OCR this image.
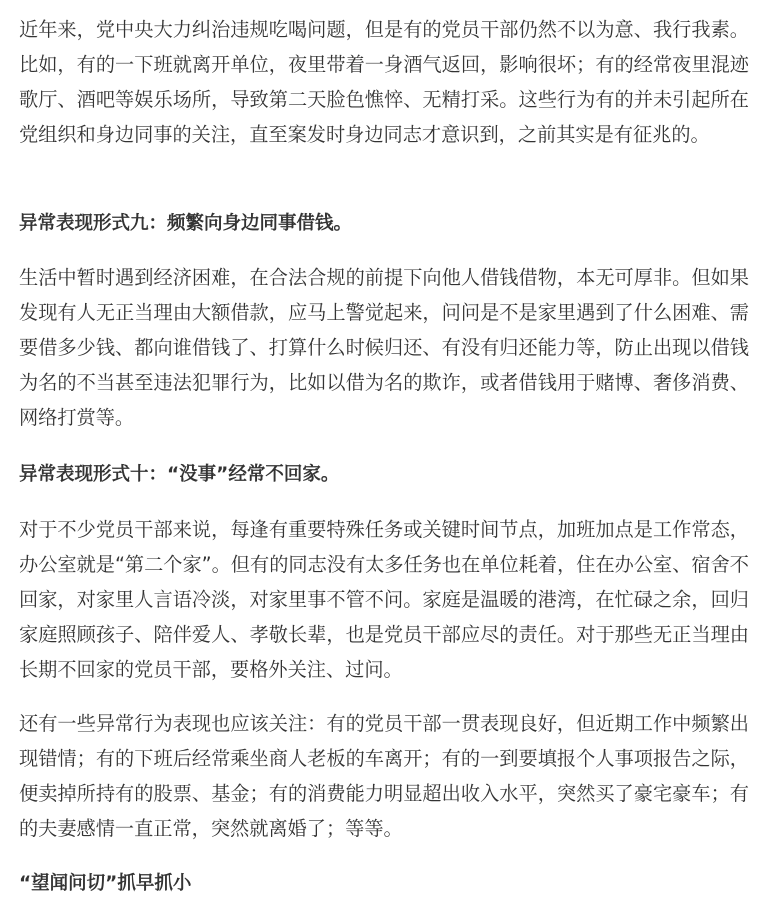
近年来，党中央大力纠治违规吃喝问题，但是有的党员干部仍然不以为意、我行我素。比如，有的一下班就离开单位，夜里带着一身酒气返回，影响很坏；有的经常夜里混迹歌厅、酒吧等娱乐场所，导致第二天脸色憔悴、无精打采。这些行为有的并未引起所在党组织和身边同事的关注，直至案发时身边同志才意识到，之前其实是有征兆的。

异常表现形式九：频繁向身边同事借钱。

生活中暂时遇到经济困难，在合法合规的前提下向他人借钱借物，本无可厚非。但如果发现有人无正当理由大额借款，应马上警觉起来，问问是不是家里遇到了什么困难、需要借多少钱、都向谁借钱了、打算什么时候归还、有没有归还能力等，防止出现以借钱为名的不当甚至违法犯罪行为，比如以借为名的欺诈，或者借钱用于赌博、奢侈消费、网络打赏等。

异常表现形式十：“没事”经常不回家。

对于不少党员干部来说，每逢有重要特殊任务或关键时间节点，加班加点是工作常态，办公室就是“第二个家”。但有的同志没有太多任务也在单位耗着，住在办公室、宿舍不回家，对家里人言语冷淡，对家里事不管不问。家庭是温暖的港湾，在忙碌之余，回归家庭照顾孩子、陪伴爱人、孝敬长辈，也是党员干部应尽的责任。对于那些无正当理由长期不回家的党员干部，要格外关注、过问。

还有一些异常行为表现也应该关注：有的党员干部一贯表现良好，但近期工作中频繁出现错情；有的下班后经常乘坐商人老板的车离开；有的一到要填报个人事项报告之际，便卖掉所持有的股票、基金；有的消费能力明显超出收入水平，突然买了豪宅豪车；有的夫妻感情一直正常，突然就离婚了；等等。

“望闻问切”抓早抓小
